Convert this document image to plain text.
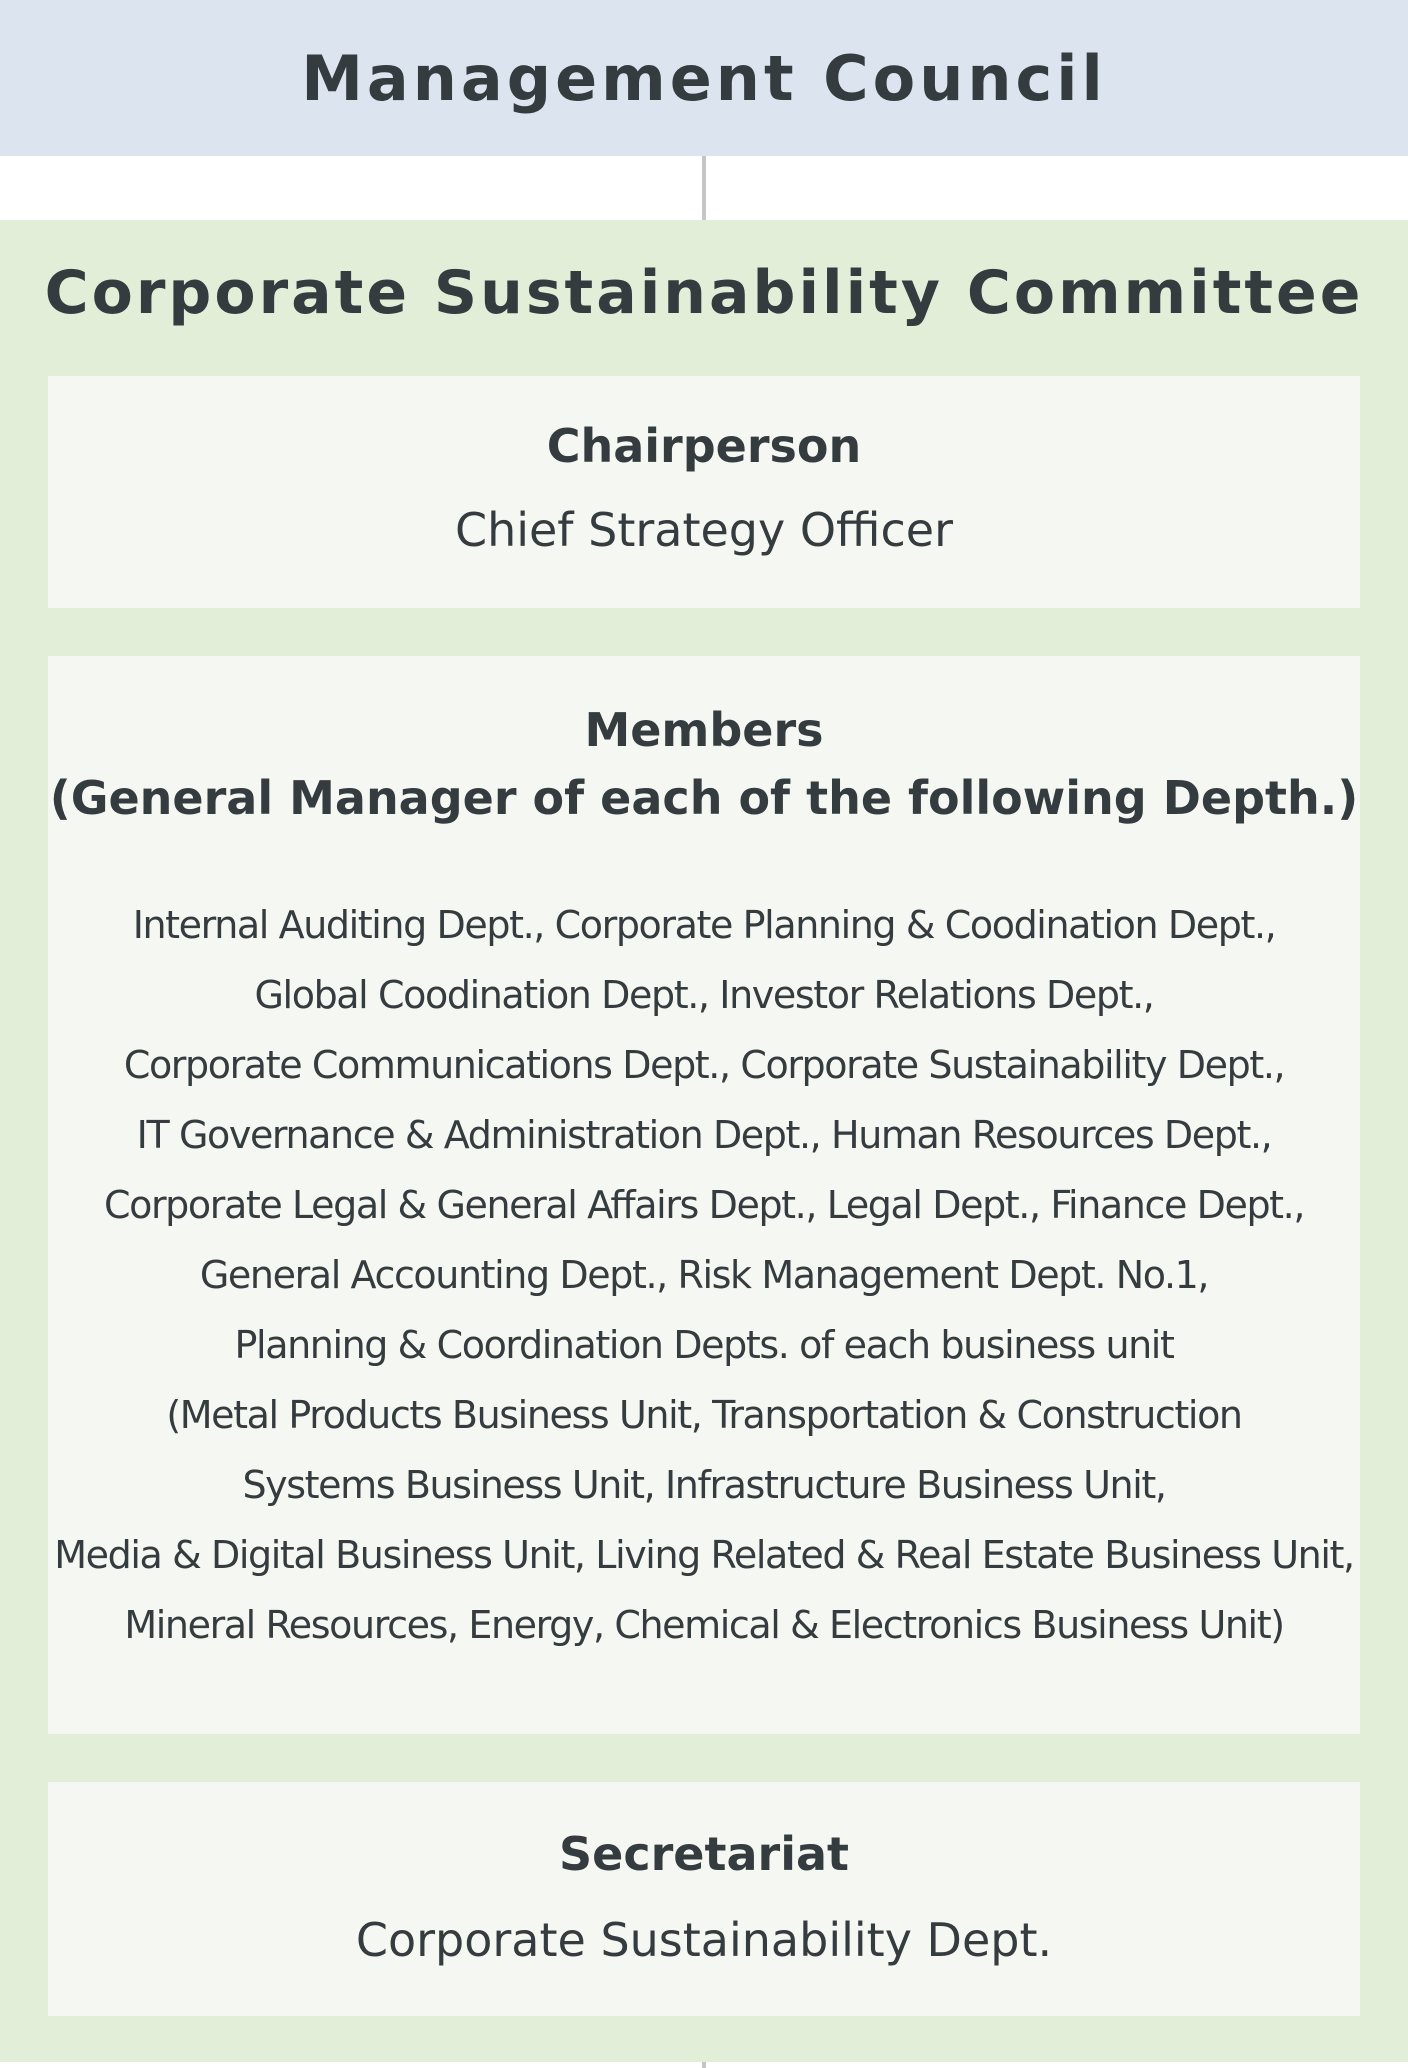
Management Council
Corporate Sustainability Committee

Chairperson

Chief Strategy Officer

Members

(General Manager of each of the following Depth.)

Internal Auditing Dept., Corporate Planning & Coodination Dept.,
Global Coodination Dept., Investor Relations Dept.,
Corporate Communications Dept., Corporate Sustainability Dept.,
IT Governance & Administration Dept., Human Resources Dept.,
Corporate Legal & General Affairs Dept., Legal Dept., Finance Dept.,
General Accounting Dept., Risk Management Dept. No.1,
Planning & Coordination Depts. of each business unit
(Metal Products Business Unit, Transportation & Construction
Systems Business Unit, Infrastructure Business Unit,
Media & Digital Business Unit, Living Related & Real Estate Business Unit,
Mineral Resources, Energy, Chemical & Electronics Business Unit)

Secretariat

Corporate Sustainability Dept.
